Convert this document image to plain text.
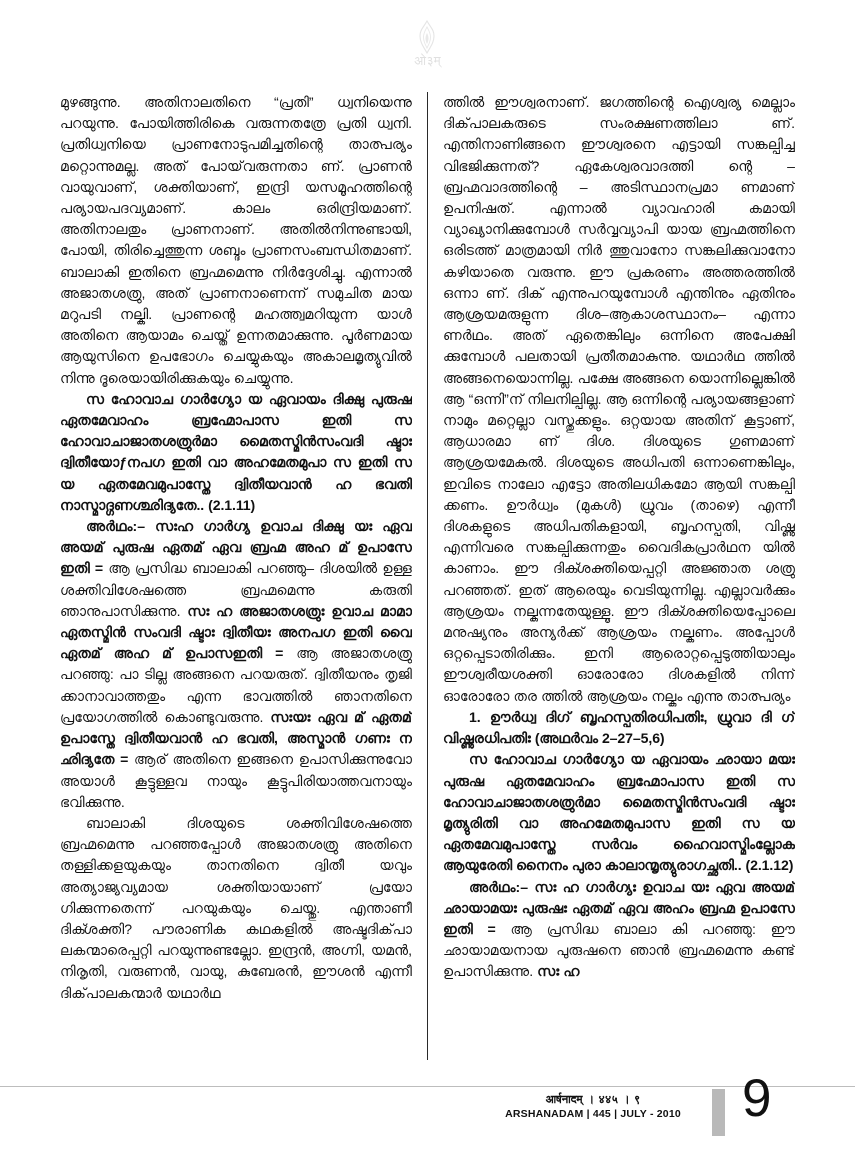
ओ३म्

മുഴങ്ങുന്നു. അതിനാലതിനെ “പ്രതി” ധ്വനിയെന്നു പറയുന്നു. പോയിത്തിരികെ വരുന്നതത്രേ പ്രതി ധ്വനി. പ്രതിധ്വനിയെ പ്രാണനോടുപമിച്ചതിന്റെ താത്പര്യം മറ്റൊന്നുമല്ല. അത് പോയ്‌വരുന്നതാ ണ്. പ്രാണൻ വായുവാണ്, ശക്തിയാണ്, ഇന്ദ്രി യസമൂഹത്തിന്റെ പര്യായപദവ്യമാണ്. കാലം ഒരിന്ദ്രിയമാണ്. അതിനാലതും പ്രാണനാണ്. അതിൽനിന്നുണ്ടായി, പോയി, തിരിച്ചെത്തുന്ന ശബ്ദം പ്രാണസംബന്ധിതമാണ്. ബാലാകി ഇതിനെ ബ്രഹ്മമെന്നു നിർദ്ദേശിച്ചു. എന്നാൽ അജാതശത്രു, അത് പ്രാണനാണെന്ന് സമുചിത മായ മറുപടി നല്കി. പ്രാണന്റെ മഹത്ത്വമറിയുന്ന യാൾ അതിനെ ആയാമം ചെയ്ത് ഉന്നതമാക്കുന്നു. പൂർണമായ ആയുസിനെ ഉപഭോഗം ചെയ്യുകയും അകാലമൃത്യുവിൽ നിന്നു ദൂരെയായിരിക്കുകയും ചെയ്യുന്നു.

സ ഹോവാച ഗാർഗ്യോ യ ഏവായം ദിക്ഷു പുരുഷ ഏതമേവാഹം ബ്രഹ്മോപാസ ഇതി സ ഹോവാചാജാതശത്രുർമാ മൈതസ്മിൻസംവദി ഷ്ടാഃ ദ്വിതീയോƒനപഗ ഇതി വാ അഹമേതമുപാ സ ഇതി സ യ ഏതമേവമുപാസ്തേ ദ്വിതീയവാൻ ഹ ഭവതി നാസ്മാദ്ഗണശ്ഛിദ്യതേ.. (2.1.11)

അർഥം:– സഃഹ ഗാർഗ്യ ഉവാച ദിക്ഷു യഃ ഏവ അയമ് പുരുഷ ഏതമ് ഏവ ബ്രഹ്മ അഹ മ് ഉപാസേ ഇതി = ആ പ്രസിദ്ധ ബാലാകി പറഞ്ഞു– ദിശയിൽ ഉള്ള ശക്തിവിശേഷത്തെ ബ്രഹ്മമെന്നു കരുതി ഞാനുപാസിക്കുന്നു. സഃ ഹ അജാതശത്രുഃ ഉവാച മാമാ ഏതസ്മിൻ സംവദി ഷ്ടാഃ ദ്വിതീയഃ അനപഗ ഇതി വൈ ഏതമ് അഹ മ് ഉപാസഇതി = ആ അജാതശത്രു പറഞ്ഞു: പാ ടില്ല അങ്ങനെ പറയരുത്. ദ്വിതീയനും തൃജി ക്കാനാവാത്തതും എന്ന ഭാവത്തിൽ ഞാനതിനെ പ്രയോഗത്തിൽ കൊണ്ടുവരുന്നു. സഃയഃ ഏവ മ് ഏതമ് ഉപാസ്തേ ദ്വിതീയവാൻ ഹ ഭവതി, അസ്മാൻ ഗണഃ ന ഛിദ്യതേ = ആര് അതിനെ ഇങ്ങനെ ഉപാസിക്കുന്നുവോ അയാൾ കൂട്ടുള്ളവ നായും കൂട്ടുപിരിയാത്തവനായും ഭവിക്കുന്നു.

ബാലാകി ദിശയുടെ ശക്തിവിശേഷത്തെ ബ്രഹ്മമെന്നു പറഞ്ഞപ്പോൾ അജാതശത്രു അതിനെ തള്ളിക്കളയുകയും താനതിനെ ദ്വിതീ യവും അത്യാജ്യവ്യമായ ശക്തിയായാണ് പ്രയോ ഗിക്കുന്നതെന്ന് പറയുകയും ചെയ്തു. എന്താണീ ദിക്ശക്തി? പൗരാണിക കഥകളിൽ അഷ്ടദിക്‌പാ ലകന്മാരെപ്പറ്റി പറയുന്നുണ്ടല്ലോ. ഇന്ദ്രൻ, അഗ്നി, യമൻ, നിരൃതി, വരുണൻ, വായു, കുബേരൻ, ഈശൻ എന്നീ ദിക്‌പാലകന്മാർ യഥാർഥ

ത്തിൽ ഈശ്വരനാണ്. ജഗത്തിന്റെ ഐശ്വര്യ മെല്ലാം ദിക്‌പാലകരുടെ സംരക്ഷണത്തിലാ ണ്. എന്തിനാണിങ്ങനെ ഈശ്വരനെ എട്ടായി സങ്കല്പിച്ച വിഭജിക്കുന്നത്? ഏകേശ്വരവാദത്തി ന്റെ – ബ്രഹ്മവാദത്തിന്റെ – അടിസ്ഥാനപ്രമാ ണമാണ് ഉപനിഷത്. എന്നാൽ വ്യാവഹാരി കമായി വ്യാഖ്യാനിക്കുമ്പോൾ സർവ്വവ്യാപി യായ ബ്രഹ്മത്തിനെ ഒരിടത്ത് മാത്രമായി നിർ ത്തുവാനോ സങ്കലിക്കുവാനോ കഴിയാതെ വരുന്നു. ഈ പ്രകരണം അത്തരത്തിൽ ഒന്നാ ണ്. ദിക് എന്നുപറയുമ്പോൾ എന്തിനും ഏതിനും ആശ്രയമരുളുന്ന ദിശ–ആകാശസ്ഥാനം– എന്നാ ണർഥം. അത് ഏതെങ്കിലും ഒന്നിനെ അപേക്ഷി ക്കുമ്പോൾ പലതായി പ്രതീതമാകുന്നു. യഥാർഥ ത്തിൽ അങ്ങനെയൊന്നില്ല. പക്ഷേ അങ്ങനെ യൊന്നില്ലെങ്കിൽ ആ “ഒന്നി”ന് നിലനില്പില്ല. ആ ഒന്നിന്റെ പര്യായങ്ങളാണ് നാമും മറ്റെല്ലാ വസ്തുക്കളും. ഒറ്റയായ അതിന് കൂട്ടാണ്, ആധാരമാ ണ് ദിശ. ദിശയുടെ ഗുണമാണ് ആശ്രയമേകൽ. ദിശയുടെ അധിപതി ഒന്നാണെങ്കിലും, ഇവിടെ നാലോ എട്ടോ അതിലധികമോ ആയി സങ്കല്പി ക്കണം. ഊർധ്വം (മുകൾ) ധ്രുവം (താഴെ) എന്നീ ദിശകളുടെ അധിപതികളായി, ബൃഹസ്പതി, വിഷ്ണു എന്നിവരെ സങ്കല്പിക്കുന്നതും വൈദികപ്രാർഥന യിൽ കാണാം. ഈ ദിക്ശക്തിയെപ്പറ്റി അജ്ഞാത ശത്രു പറഞ്ഞത്. ഇത് ആരെയും വെടിയുന്നില്ല. എല്ലാവർക്കും ആശ്രയം നല്കുന്നതേയുള്ളൂ. ഈ ദിക്ശക്തിയെപ്പോലെ മനുഷ്യനും അന്യർക്ക് ആശ്രയം നല്കണം. അപ്പോൾ ഒറ്റപ്പെടാതിരിക്കും. ഇനി ആരൊറ്റപ്പെടുത്തിയാലും ഈശ്വരീയശക്തി ഓരോരോ ദിശകളിൽ നിന്ന് ഓരോരോ തര ത്തിൽ ആശ്രയം നല്കും എന്നു താത്പര്യം

1. ഊർധ്വ ദിഗ് ബൃഹസ്പതിരധിപതിഃ, ധ്രുവാ ദി ഗ് വിഷ്ണുരധിപതിഃ (അഥർവം 2–27–5,6)

സ ഹോവാച ഗാർഗ്യോ യ ഏവായം ഛായാ മയഃ പുരുഷ ഏതമേവാഹം ബ്രഹ്മോപാസ ഇതി സ ഹോവാചാജാതശത്രുർമാ മൈതസ്മിൻസംവദി ഷ്ടാഃ മൃത്യുരിതി വാ അഹമേതമുപാസ ഇതി സ യ ഏതമേവമുപാസ്തേ സർവം ഹൈവാസ്മിംല്ലോക ആയുരേതി നൈനം പുരാ കാലാന്മൃത്യുരാഗച്ഛതി.. (2.1.12)

അർഥം:– സഃ ഹ ഗാർഗ്യഃ ഉവാച യഃ ഏവ അയമ് ഛായാമയഃ പുരുഷഃ ഏതമ് ഏവ അഹം ബ്രഹ്മ ഉപാസേ ഇതി = ആ പ്രസിദ്ധ ബാലാ കി പറഞ്ഞു: ഈ ഛായാമയനായ പുരുഷനെ ഞാൻ ബ്രഹ്മമെന്നു കണ്ട് ഉപാസിക്കുന്നു. സഃ ഹ

आर्षनादम् । ४४५ । ९
ARSHANADAM | 445 | JULY - 2010	9
